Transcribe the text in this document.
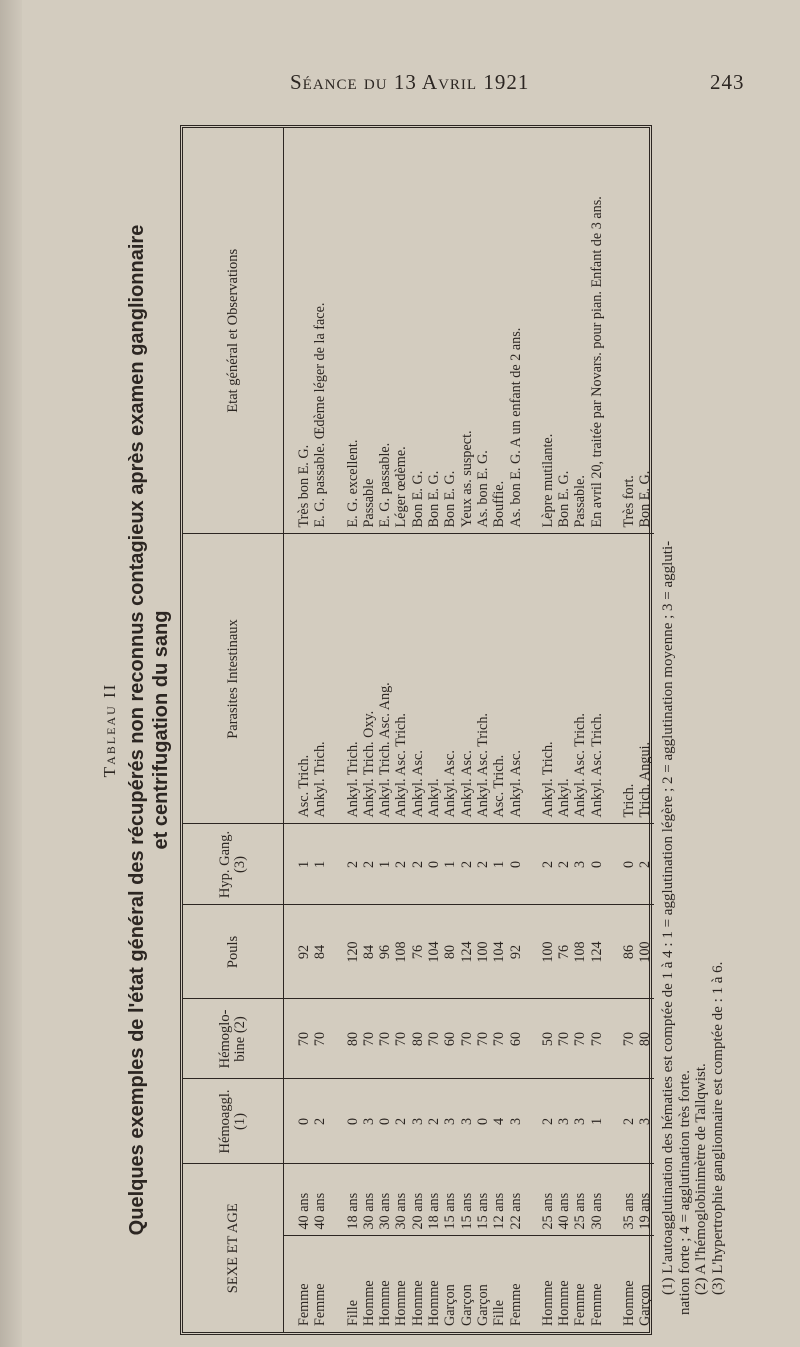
Séance du 13 Avril 1921	243
Tableau II Quelques exemples de l'état général des récupérés non reconnus contagieux après examen ganglionnaire et centrifugation du sang
SEXE ET AGE		Hémoaggl. (1)	Hémoglo-bine (2)	Pouls	Hyp. Gang. (3)	Parasites Intestinaux	Etat général et Observations
Femme	40 ans	0	70	92	1	Asc. Trich.	Très bon E. G.
Femme	40 ans	2	70	84	1	Ankyl. Trich.	E. G. passable. Œdème léger de la face.

Fille	18 ans	0	80	120	2	Ankyl. Trich.	E. G. excellent.
Homme	30 ans	3	70	84	2	Ankyl. Trich. Oxy.	Passable
Homme	30 ans	0	70	96	1	Ankyl. Trich. Asc. Ang.	E. G. passable.
Homme	30 ans	2	70	108	2	Ankyl. Asc. Trich.	Léger œdème.
Homme	20 ans	3	80	76	2	Ankyl. Asc.	Bon E. G.
Homme	18 ans	2	70	104	0	Ankyl.	Bon E. G.
Garçon	15 ans	3	60	80	1	Ankyl. Asc.	Bon E. G.
Garçon	15 ans	3	70	124	2	Ankyl. Asc.	Yeux as. suspect.
Garçon	15 ans	0	70	100	2	Ankyl. Asc. Trich.	As. bon E. G.
Fille	12 ans	4	70	104	1	Asc. Trich.	Bouffie.
Femme	22 ans	3	60	92	0	Ankyl. Asc.	As. bon E. G. A un enfant de 2 ans.

Homme	25 ans	2	50	100	2	Ankyl. Trich.	Lèpre mutilante.
Homme	40 ans	3	70	76	2	Ankyl.	Bon E. G.
Femme	25 ans	3	70	108	3	Ankyl. Asc. Trich.	Passable.
Femme	30 ans	1	70	124	0	Ankyl. Asc. Trich.	En avril 20, traitée par Novars. pour pian. Enfant de 3 ans.

Homme	35 ans	2	70	86	0	Trich.	Très fort.
Garçon	19 ans	3	80	100	2	Trich. Angui.	Bon E. G.

(1) L'autoagglutination des hématies est comptée de 1 à 4 : 1 = agglutination légère ; 2 = agglutination moyenne ; 3 = aggluti- nation forte ; 4 = agglutination très forte. (2) A l'hémoglobinimètre de Tallqwist. (3) L'hypertrophie ganglionnaire est comptée de : 1 à 6.
